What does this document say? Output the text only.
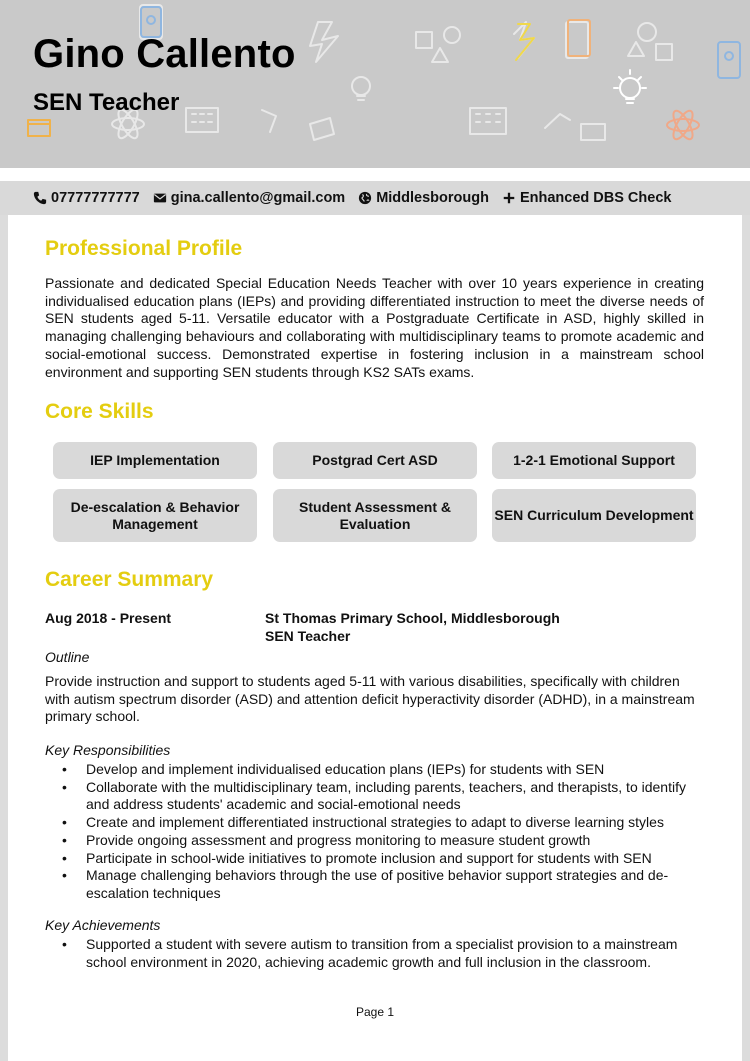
Gino Callento
SEN Teacher
07777777777 gina.callento@gmail.com Middlesborough Enhanced DBS Check
Professional Profile

Passionate and dedicated Special Education Needs Teacher with over 10 years experience in creating individualised education plans (IEPs) and providing differentiated instruction to meet the diverse needs of SEN students aged 5-11. Versatile educator with a Postgraduate Certificate in ASD, highly skilled in managing challenging behaviours and collaborating with multidisciplinary teams to promote academic and social-emotional success. Demonstrated expertise in fostering inclusion in a mainstream school environment and supporting SEN students through KS2 SATs exams.

Core Skills
IEP Implementation	Postgrad Cert ASD	1-2-1 Emotional Support
De-escalation & Behavior Management
Student Assessment & Evaluation
SEN Curriculum Development
Career Summary

Aug 2018 - Present	St Thomas Primary School, Middlesborough

SEN Teacher

Outline

Provide instruction and support to students aged 5-11 with various disabilities, specifically with children with autism spectrum disorder (ASD) and attention deficit hyperactivity disorder (ADHD), in a mainstream primary school.

Key Responsibilities

• Develop and implement individualised education plans (IEPs) for students with SEN
• Collaborate with the multidisciplinary team, including parents, teachers, and therapists, to identify and address students' academic and social-emotional needs
• Create and implement differentiated instructional strategies to adapt to diverse learning styles
• Provide ongoing assessment and progress monitoring to measure student growth
• Participate in school-wide initiatives to promote inclusion and support for students with SEN
• Manage challenging behaviors through the use of positive behavior support strategies and de-escalation techniques

Key Achievements

• Supported a student with severe autism to transition from a specialist provision to a mainstream school environment in 2020, achieving academic growth and full inclusion in the classroom.
Page 1
